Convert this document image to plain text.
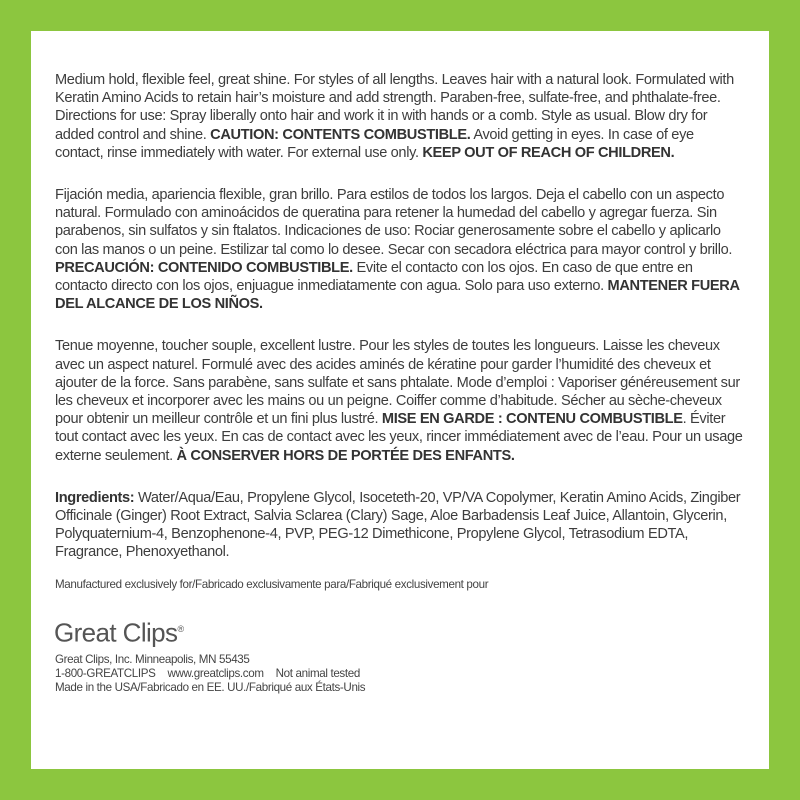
Medium hold, flexible feel, great shine. For styles of all lengths. Leaves hair with a natural look. Formulated with Keratin Amino Acids to retain hair’s moisture and add strength. Paraben-free, sulfate-free, and phthalate-free. Directions for use: Spray liberally onto hair and work it in with hands or a comb. Style as usual. Blow dry for added control and shine. CAUTION: CONTENTS COMBUSTIBLE. Avoid getting in eyes. In case of eye contact, rinse immediately with water. For external use only. KEEP OUT OF REACH OF CHILDREN.

Fijación media, apariencia flexible, gran brillo. Para estilos de todos los largos. Deja el cabello con un aspecto natural. Formulado con aminoácidos de queratina para retener la humedad del cabello y agregar fuerza. Sin parabenos, sin sulfatos y sin ftalatos. Indicaciones de uso: Rociar generosamente sobre el cabello y aplicarlo con las manos o un peine. Estilizar tal como lo desee. Secar con secadora eléctrica para mayor control y brillo. PRECAUCIÓN: CONTENIDO COMBUSTIBLE. Evite el contacto con los ojos. En caso de que entre en contacto directo con los ojos, enjuague inmediatamente con agua. Solo para uso externo. MANTENER FUERA DEL ALCANCE DE LOS NIÑOS.

Tenue moyenne, toucher souple, excellent lustre. Pour les styles de toutes les longueurs. Laisse les cheveux avec un aspect naturel. Formulé avec des acides aminés de kératine pour garder l’humidité des cheveux et ajouter de la force. Sans parabène, sans sulfate et sans phtalate. Mode d’emploi : Vaporiser généreusement sur les cheveux et incorporer avec les mains ou un peigne. Coiffer comme d’habitude. Sécher au sèche-cheveux pour obtenir un meilleur contrôle et un fini plus lustré. MISE EN GARDE : CONTENU COMBUSTIBLE. Éviter tout contact avec les yeux. En cas de contact avec les yeux, rincer immédiatement avec de l’eau. Pour un usage externe seulement. À CONSERVER HORS DE PORTÉE DES ENFANTS.

Ingredients: Water/Aqua/Eau, Propylene Glycol, Isoceteth-20, VP/VA Copolymer, Keratin Amino Acids, Zingiber Officinale (Ginger) Root Extract, Salvia Sclarea (Clary) Sage, Aloe Barbadensis Leaf Juice, Allantoin, Glycerin, Polyquaternium-4, Benzophenone-4, PVP, PEG-12 Dimethicone, Propylene Glycol, Tetrasodium EDTA, Fragrance, Phenoxyethanol.

Manufactured exclusively for/Fabricado exclusivamente para/Fabriqué exclusivement pour

Great Clips®
Great Clips, Inc. Minneapolis, MN 55435
1-800-GREATCLIPS www.greatclips.com Not animal tested
Made in the USA/Fabricado en EE. UU./Fabriqué aux États-Unis
